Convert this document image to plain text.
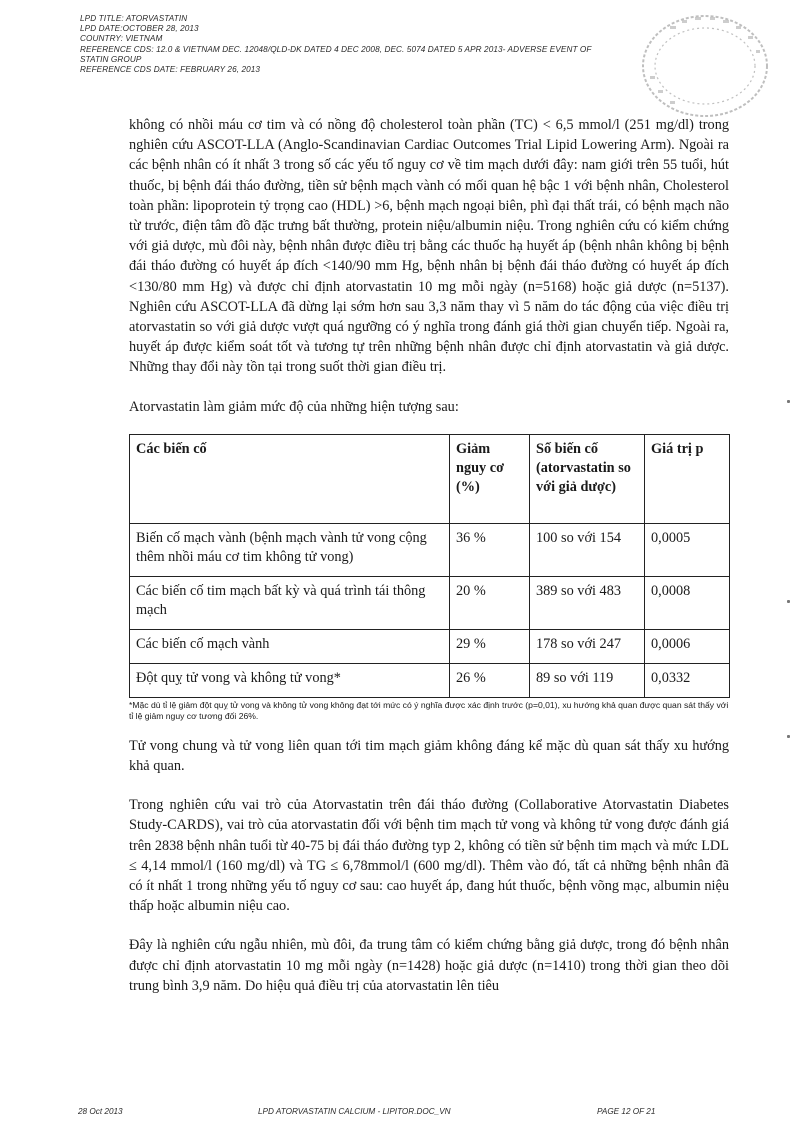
LPD TITLE: ATORVASTATIN
LPD DATE:OCTOBER 28, 2013
COUNTRY: VIETNAM
REFERENCE CDS: 12.0 & VIETNAM DEC. 12048/QLD-DK DATED 4 DEC 2008, DEC. 5074 DATED 5 APR 2013- ADVERSE EVENT OF
STATIN GROUP
REFERENCE CDS DATE: FEBRUARY 26, 2013

không có nhồi máu cơ tim và có nồng độ cholesterol toàn phần (TC) < 6,5 mmol/l (251 mg/dl) trong nghiên cứu ASCOT-LLA (Anglo-Scandinavian Cardiac Outcomes Trial Lipid Lowering Arm). Ngoài ra các bệnh nhân có ít nhất 3 trong số các yếu tố nguy cơ về tim mạch dưới đây: nam giới trên 55 tuổi, hút thuốc, bị bệnh đái tháo đường, tiền sử bệnh mạch vành có mối quan hệ bậc 1 với bệnh nhân, Cholesterol toàn phần: lipoprotein tỷ trọng cao (HDL) >6, bệnh mạch ngoại biên, phì đại thất trái, có bệnh mạch não từ trước, điện tâm đồ đặc trưng bất thường, protein niệu/albumin niệu. Trong nghiên cứu có kiểm chứng với giả dược, mù đôi này, bệnh nhân được điều trị bằng các thuốc hạ huyết áp (bệnh nhân không bị bệnh đái tháo đường có huyết áp đích <140/90 mm Hg, bệnh nhân bị bệnh đái tháo đường có huyết áp đích <130/80 mm Hg) và được chỉ định atorvastatin 10 mg mỗi ngày (n=5168) hoặc giả dược (n=5137). Nghiên cứu ASCOT-LLA đã dừng lại sớm hơn sau 3,3 năm thay vì 5 năm do tác động của việc điều trị atorvastatin so với giả dược vượt quá ngưỡng có ý nghĩa trong đánh giá thời gian chuyển tiếp. Ngoài ra, huyết áp được kiểm soát tốt và tương tự trên những bệnh nhân được chỉ định atorvastatin và giả dược. Những thay đổi này tồn tại trong suốt thời gian điều trị.

Atorvastatin làm giảm mức độ của những hiện tượng sau:

Các biến cố	Giảm nguy cơ (%)	Số biến cố (atorvastatin so với giả dược)	Giá trị p
Biến cố mạch vành (bệnh mạch vành tử vong cộng thêm nhồi máu cơ tim không tử vong)	36 %	100 so với 154	0,0005
Các biến cố tim mạch bất kỳ và quá trình tái thông mạch	20 %	389 so với 483	0,0008
Các biến cố mạch vành	29 %	178 so với 247	0,0006
Đột quỵ tử vong và không tử vong*	26 %	89 so với 119	0,0332

*Mặc dù tỉ lệ giảm đột quỵ tử vong và không tử vong không đạt tới mức có ý nghĩa được xác định trước (p=0,01), xu hướng khả quan được quan sát thấy với tỉ lệ giảm nguy cơ tương đối 26%.

Tử vong chung và tử vong liên quan tới tim mạch giảm không đáng kể mặc dù quan sát thấy xu hướng khả quan.

Trong nghiên cứu vai trò của Atorvastatin trên đái tháo đường (Collaborative Atorvastatin Diabetes Study-CARDS), vai trò của atorvastatin đối với bệnh tim mạch tử vong và không tử vong được đánh giá trên 2838 bệnh nhân tuổi từ 40-75 bị đái tháo đường typ 2, không có tiền sử bệnh tim mạch và mức LDL ≤ 4,14 mmol/l (160 mg/dl) và TG ≤ 6,78mmol/l (600 mg/dl). Thêm vào đó, tất cả những bệnh nhân đã có ít nhất 1 trong những yếu tố nguy cơ sau: cao huyết áp, đang hút thuốc, bệnh võng mạc, albumin niệu thấp hoặc albumin niệu cao.

Đây là nghiên cứu ngẫu nhiên, mù đôi, đa trung tâm có kiểm chứng bằng giả dược, trong đó bệnh nhân được chỉ định atorvastatin 10 mg mỗi ngày (n=1428) hoặc giả dược (n=1410) trong thời gian theo dõi trung bình 3,9 năm. Do hiệu quả điều trị của atorvastatin lên tiêu

28 Oct 2013	LPD ATORVASTATIN CALCIUM - LIPITOR.DOC_VN	PAGE 12 OF 21
